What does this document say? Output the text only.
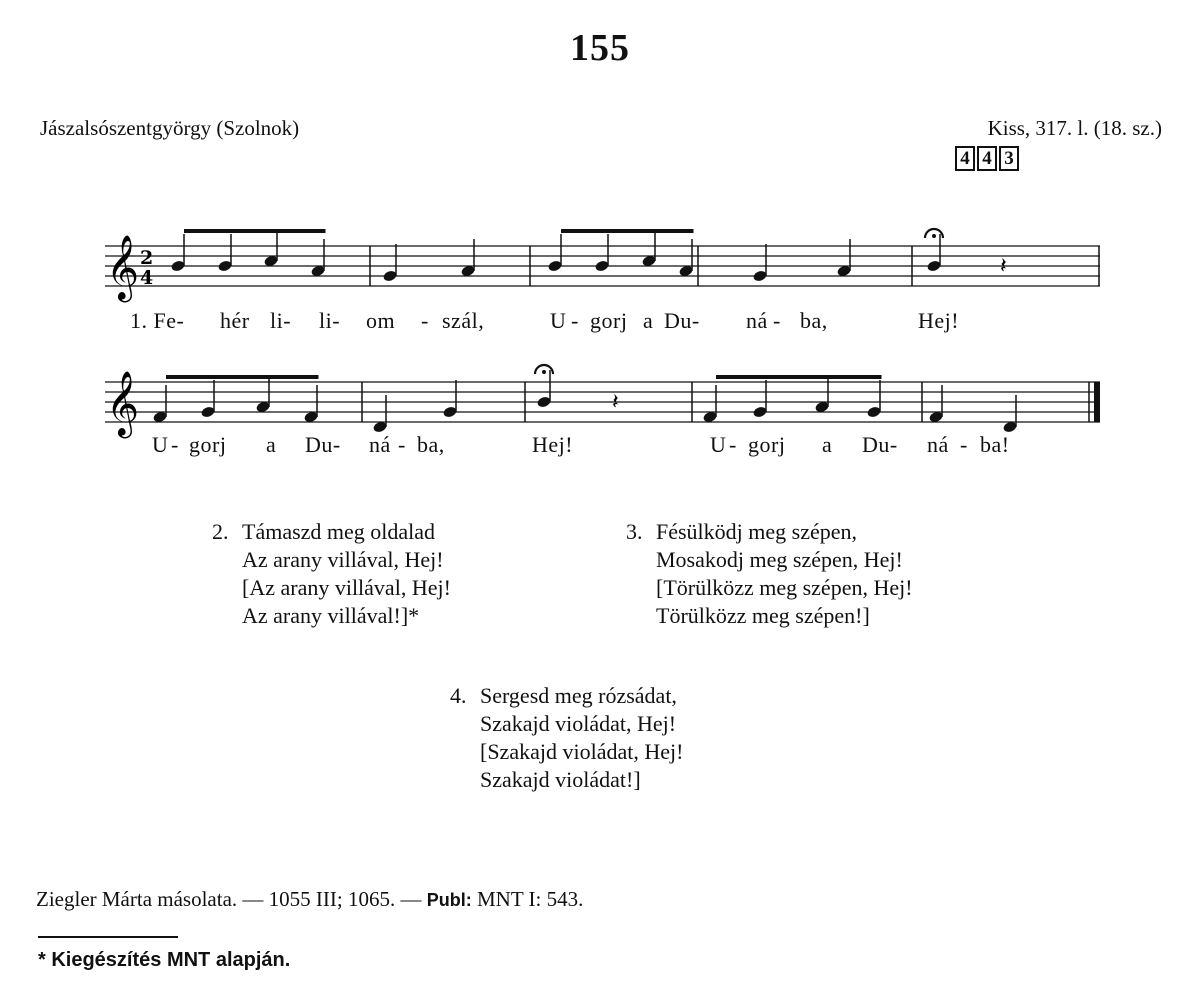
155
Jászalsószentgyörgy (Szolnok)	Kiss, 317. l. (18. sz.)
4 4 3
𝄞 2
4	𝄽
1. Fe- hér li- li- om - szál,	U - gorj a Du- ná - ba,	Hej!
𝄞	𝄽
U - gorj a Du- ná - ba,	Hej!	U - gorj a Du- ná - ba!
2. Támaszd meg oldalad
Az arany villával, Hej!
[Az arany villával, Hej!
Az arany villával!]*
3. Fésülködj meg szépen,
Mosakodj meg szépen, Hej!
[Törülközz meg szépen, Hej!
Törülközz meg szépen!]
4. Sergesd meg rózsádat,
Szakajd violádat, Hej!
[Szakajd violádat, Hej!
Szakajd violádat!]
Ziegler Márta másolata. — 1055 III; 1065. — Publ: MNT I: 543.
* Kiegészítés MNT alapján.
